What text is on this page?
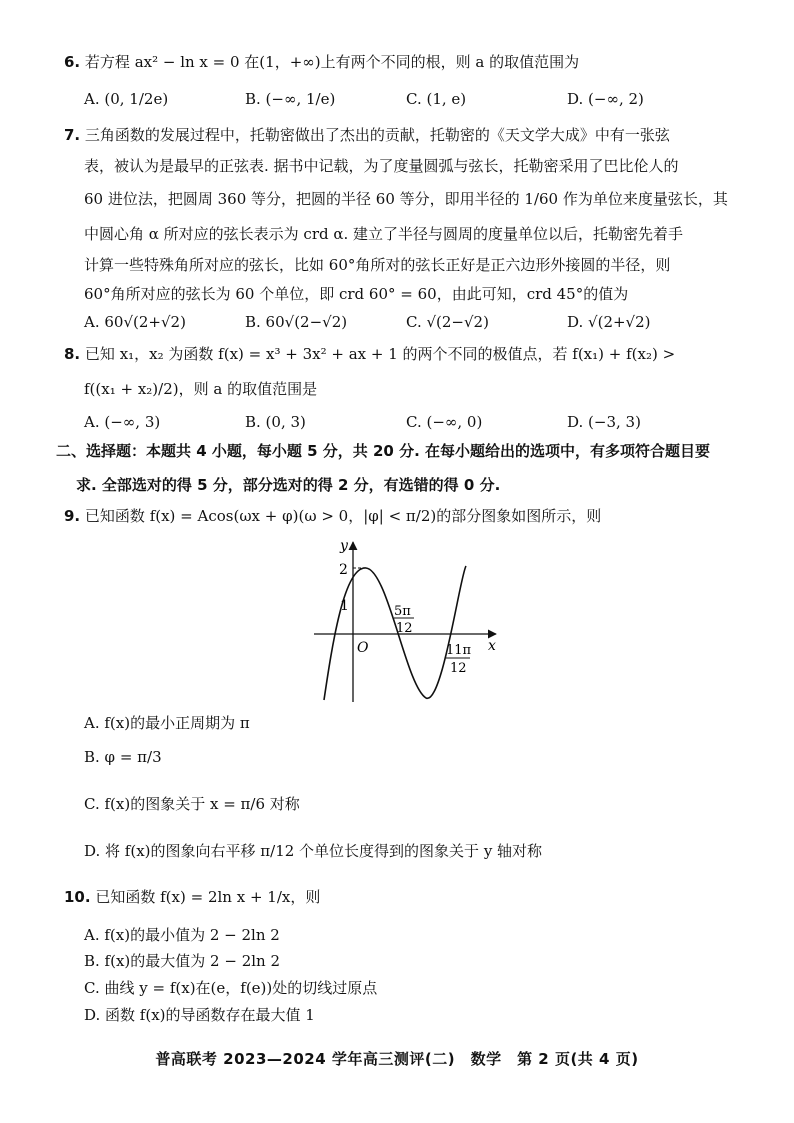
6. 若方程 ax² − ln x = 0 在(1，+∞)上有两个不同的根，则 a 的取值范围为
A. (0, 1/2e)	B. (−∞, 1/e)	C. (1, e)	D. (−∞, 2)
7. 三角函数的发展过程中，托勒密做出了杰出的贡献，托勒密的《天文学大成》中有一张弦
表，被认为是最早的正弦表. 据书中记载，为了度量圆弧与弦长，托勒密采用了巴比伦人的
60 进位法，把圆周 360 等分，把圆的半径 60 等分，即用半径的 1/60 作为单位来度量弦长，其
中圆心角 α 所对应的弦长表示为 crd α. 建立了半径与圆周的度量单位以后，托勒密先着手
计算一些特殊角所对应的弦长，比如 60°角所对的弦长正好是正六边形外接圆的半径，则
60°角所对应的弦长为 60 个单位，即 crd 60° = 60，由此可知，crd 45°的值为
A. 60√(2+√2)	B. 60√(2−√2)	C. √(2−√2)	D. √(2+√2)
8. 已知 x₁，x₂ 为函数 f(x) = x³ + 3x² + ax + 1 的两个不同的极值点，若 f(x₁) + f(x₂) >
f((x₁ + x₂)/2)，则 a 的取值范围是
A. (−∞, 3)	B. (0, 3)	C. (−∞, 0)	D. (−3, 3)
二、选择题：本题共 4 小题，每小题 5 分，共 20 分. 在每小题给出的选项中，有多项符合题目要
求. 全部选对的得 5 分，部分选对的得 2 分，有选错的得 0 分.
9. 已知函数 f(x) = Acos(ωx + φ)(ω > 0，|φ| < π/2)的部分图象如图所示，则
y
x
O
2
1	5π
12
11π
12
A. f(x)的最小正周期为 π
B. φ = π/3
C. f(x)的图象关于 x = π/6 对称
D. 将 f(x)的图象向右平移 π/12 个单位长度得到的图象关于 y 轴对称
10. 已知函数 f(x) = 2ln x + 1/x，则
A. f(x)的最小值为 2 − 2ln 2
B. f(x)的最大值为 2 − 2ln 2
C. 曲线 y = f(x)在(e，f(e))处的切线过原点
D. 函数 f(x)的导函数存在最大值 1
普高联考 2023—2024 学年高三测评(二)　数学　第 2 页(共 4 页)
